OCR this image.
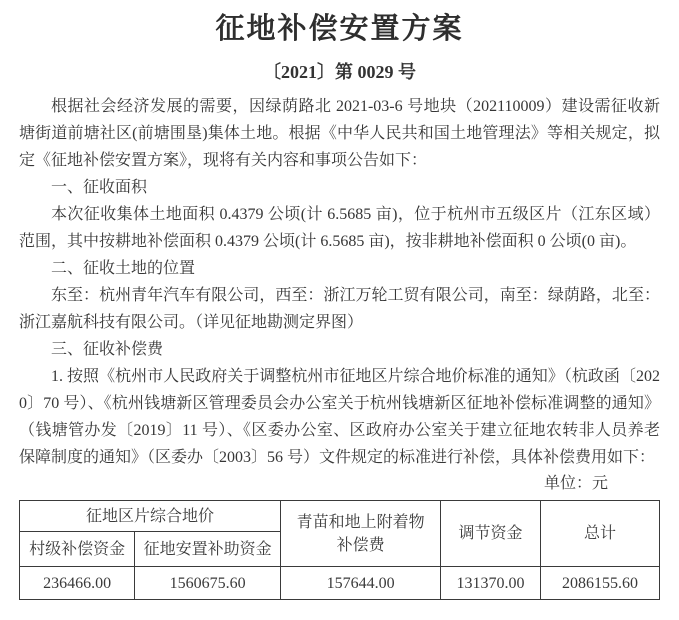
征地补偿安置方案
〔2021〕第 0029 号

根据社会经济发展的需要，因绿荫路北 2021-03-6 号地块（202110009）建设需征收新塘街道前塘社区(前塘围垦)集体土地。根据《中华人民共和国土地管理法》等相关规定，拟定《征地补偿安置方案》，现将有关内容和事项公告如下：

一、征收面积

本次征收集体土地面积 0.4379 公顷(计 6.5685 亩)，位于杭州市五级区片（江东区域）范围，其中按耕地补偿面积 0.4379 公顷(计 6.5685 亩)，按非耕地补偿面积 0 公顷(0 亩)。

二、征收土地的位置

东至：杭州青年汽车有限公司，西至：浙江万轮工贸有限公司，南至：绿荫路，北至：浙江嘉航科技有限公司。（详见征地勘测定界图）

三、征收补偿费

1. 按照《杭州市人民政府关于调整杭州市征地区片综合地价标准的通知》（杭政函〔2020〕70 号）、《杭州钱塘新区管理委员会办公室关于杭州钱塘新区征地补偿标准调整的通知》（钱塘管办发〔2019〕11 号）、《区委办公室、区政府办公室关于建立征地农转非人员养老保障制度的通知》（区委办〔2003〕56 号）文件规定的标准进行补偿，具体补偿费用如下：

单位：元
征地区片综合地价		青苗和地上附着物补偿费	调节资金	总计
村级补偿资金	征地安置补助资金			
236466.00	1560675.60	157644.00	131370.00	2086155.60
